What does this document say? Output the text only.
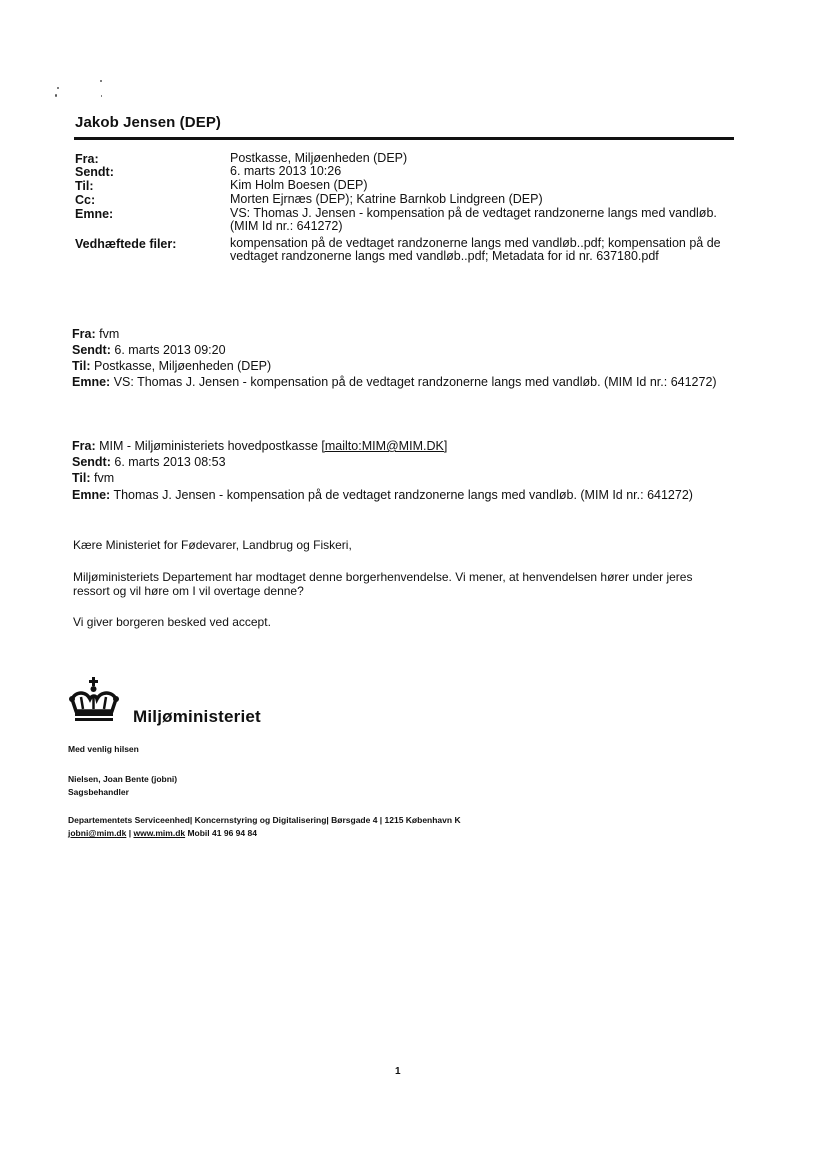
Jakob Jensen (DEP)
Fra:	Postkasse, Miljøenheden (DEP)
Sendt:	6. marts 2013 10:26
Til:	Kim Holm Boesen (DEP)
Cc:	Morten Ejrnæs (DEP); Katrine Barnkob Lindgreen (DEP)
Emne:	VS: Thomas J. Jensen - kompensation på de vedtaget randzonerne langs med vandløb. (MIM Id nr.: 641272)
Vedhæftede filer:	kompensation på de vedtaget randzonerne langs med vandløb..pdf; kompensation på de vedtaget randzonerne langs med vandløb..pdf; Metadata for id nr. 637180.pdf
Fra: fvm
Sendt: 6. marts 2013 09:20
Til: Postkasse, Miljøenheden (DEP)
Emne: VS: Thomas J. Jensen - kompensation på de vedtaget randzonerne langs med vandløb. (MIM Id nr.: 641272)
Fra: MIM - Miljøministeriets hovedpostkasse [mailto:MIM@MIM.DK]
Sendt: 6. marts 2013 08:53
Til: fvm
Emne: Thomas J. Jensen - kompensation på de vedtaget randzonerne langs med vandløb. (MIM Id nr.: 641272)
Kære Ministeriet for Fødevarer, Landbrug og Fiskeri,
Miljøministeriets Departement har modtaget denne borgerhenvendelse. Vi mener, at henvendelsen hører under jeres ressort og vil høre om I vil overtage denne?
Vi giver borgeren besked ved accept.
Miljøministeriet
Med venlig hilsen
Nielsen, Joan Bente (jobni)
Sagsbehandler
Departementets Serviceenhed| Koncernstyring og Digitalisering| Børsgade 4 | 1215 København K
jobni@mim.dk | www.mim.dk Mobil 41 96 94 84
1
